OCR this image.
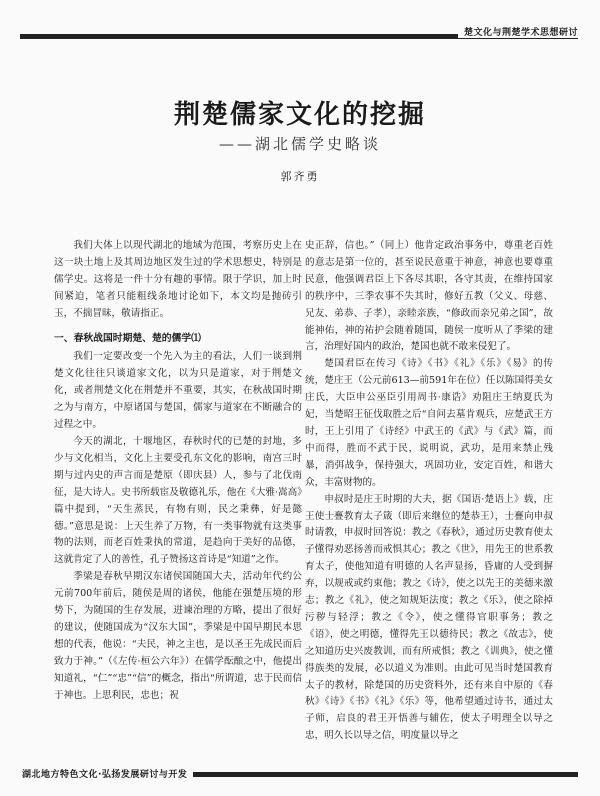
楚文化与荆楚学术思想研讨
荆楚儒家文化的挖掘
——湖北儒学史略谈
郭齐勇

我们大体上以现代湖北的地域为范围，考察历史上在这一块土地上及其周边地区发生过的学术思想史，特别是儒学史。这将是一件十分有趣的事情。限于学识，加上时间紧迫，笔者只能粗线条地讨论如下，本文均是抛砖引玉，不揣冒昧，敬请指正。

一、春秋战国时期楚、楚的儒学⑴

我们一定要改变一个先入为主的看法，人们一谈到荆楚文化往往只谈道家文化，以为只是道家，对于荆楚文化，或者荆楚文化在荆楚并不重要，其实，在秋战国时期之为与南方，中原诸国与楚国，儒家与道家在不断融合的过程之中。

今天的湖北，十堰地区，春秋时代的已楚的封地，多少与文化相当，文化上主要受孔东文化的影响，南宫三时期与过内史的声言而是楚原（即庆县）人，参与了北伐南征，是大诗人。史书所载宦及敬德礼乐，他在《大雅·嵩高》篇中提到，“天生蒸民，有物有则，民之秉彝，好是懿德。”意思是说：上天生养了万物，有一类事物就有这类事物的法则，而老百姓秉执的常道，是趋向于美好的品德，这就肯定了人的善性，孔子赞扬这首诗是“知道”之作。

季梁是春秋早期汉东诸侯国随国大夫，活动年代约公元前700年前后，随侯是周的诸侯，他能在强楚压境的形势下，为随国的生存发展，进谏治理的方略，提出了很好的建议，使随国成为“汉东大国”，季梁是中国早期民本思想的代表，他说：“夫民，神之主也，是以圣王先成民而后致力于神。”（《左传·桓公六年》）在儒学酝酿之中，他提出知道礼，“仁”“忠”“信”的概念，指出“所谓道，忠于民而信于神也。上思利民，忠也；祝

史正辞，信也。”（同上）他肯定政治事务中，尊重老百姓的意志是第一位的，甚至说民意重于神意，神意也要尊重民意，他强调君臣上下各尽其职，各守其责，在维持国家的秩序中，三季农事不失其时，修好五教（父义、母慈、兄友、弟恭、子孝），亲睦亲族，“修政而亲兄弟之国”，故能神佑，神的祐护会随着随国，随侯一度听从了季梁的建言，治理好国内的政治，楚国也就不敢来侵犯了。

楚国君臣在传习《诗》《书》《礼》《乐》《易》的传统，楚庄王（公元前613—前591年在位）任以陈国得美女庄氏，大臣申公巫臣引用周书·康诰》劝阻庄王纳夏氏为妃，当楚昭王征伐取胜之后“自问去墓肯观兵，应楚武王方时，王上引用了《诗经》中武王的《武》与《武》篇，而中而得，胜而不武于民，说明说，武功，是用来禁止残暴，消弭战争，保持强大，巩固功业，安定百姓，和谐大众，丰富财物的。

申叔时是庄王时期的大夫，据《国语·楚语上》载，庄王使士亹教育太子箴（即后来继位的楚恭王），士亹向申叔时请教，申叔时回答说：教之《春秋》，通过历史教育使太子懂得劝恶扬善而戒惧其心；教之《世》，用先王的世系教育太子，使他知道有明德的人名声显扬，昏庸的人受到摒弃，以规戒或约束他；教之《诗》，使之以先王的美德来激志；教之《礼》，使之知规矩法度；教之《乐》，使之除掉污秽与轻浮；教之《令》，使之懂得官职事务；教之《语》，使之明德，懂得先王以德待民；教之《故志》，使之知道历史兴废教训，而有所戒惧；教之《训典》，使之懂得族类的发展，必以道义为准则。由此可见当时楚国教育太子的教材，除楚国的历史资料外，还有来自中原的《春秋》《诗》《书》《礼》《乐》等，他希望通过诗书，通过太子师，启良的君王开悟善与辅佐，使太子明理全以导之忠，明久长以导之信，明度量以导之

湖北地方特色文化·弘扬发展研讨与开发
